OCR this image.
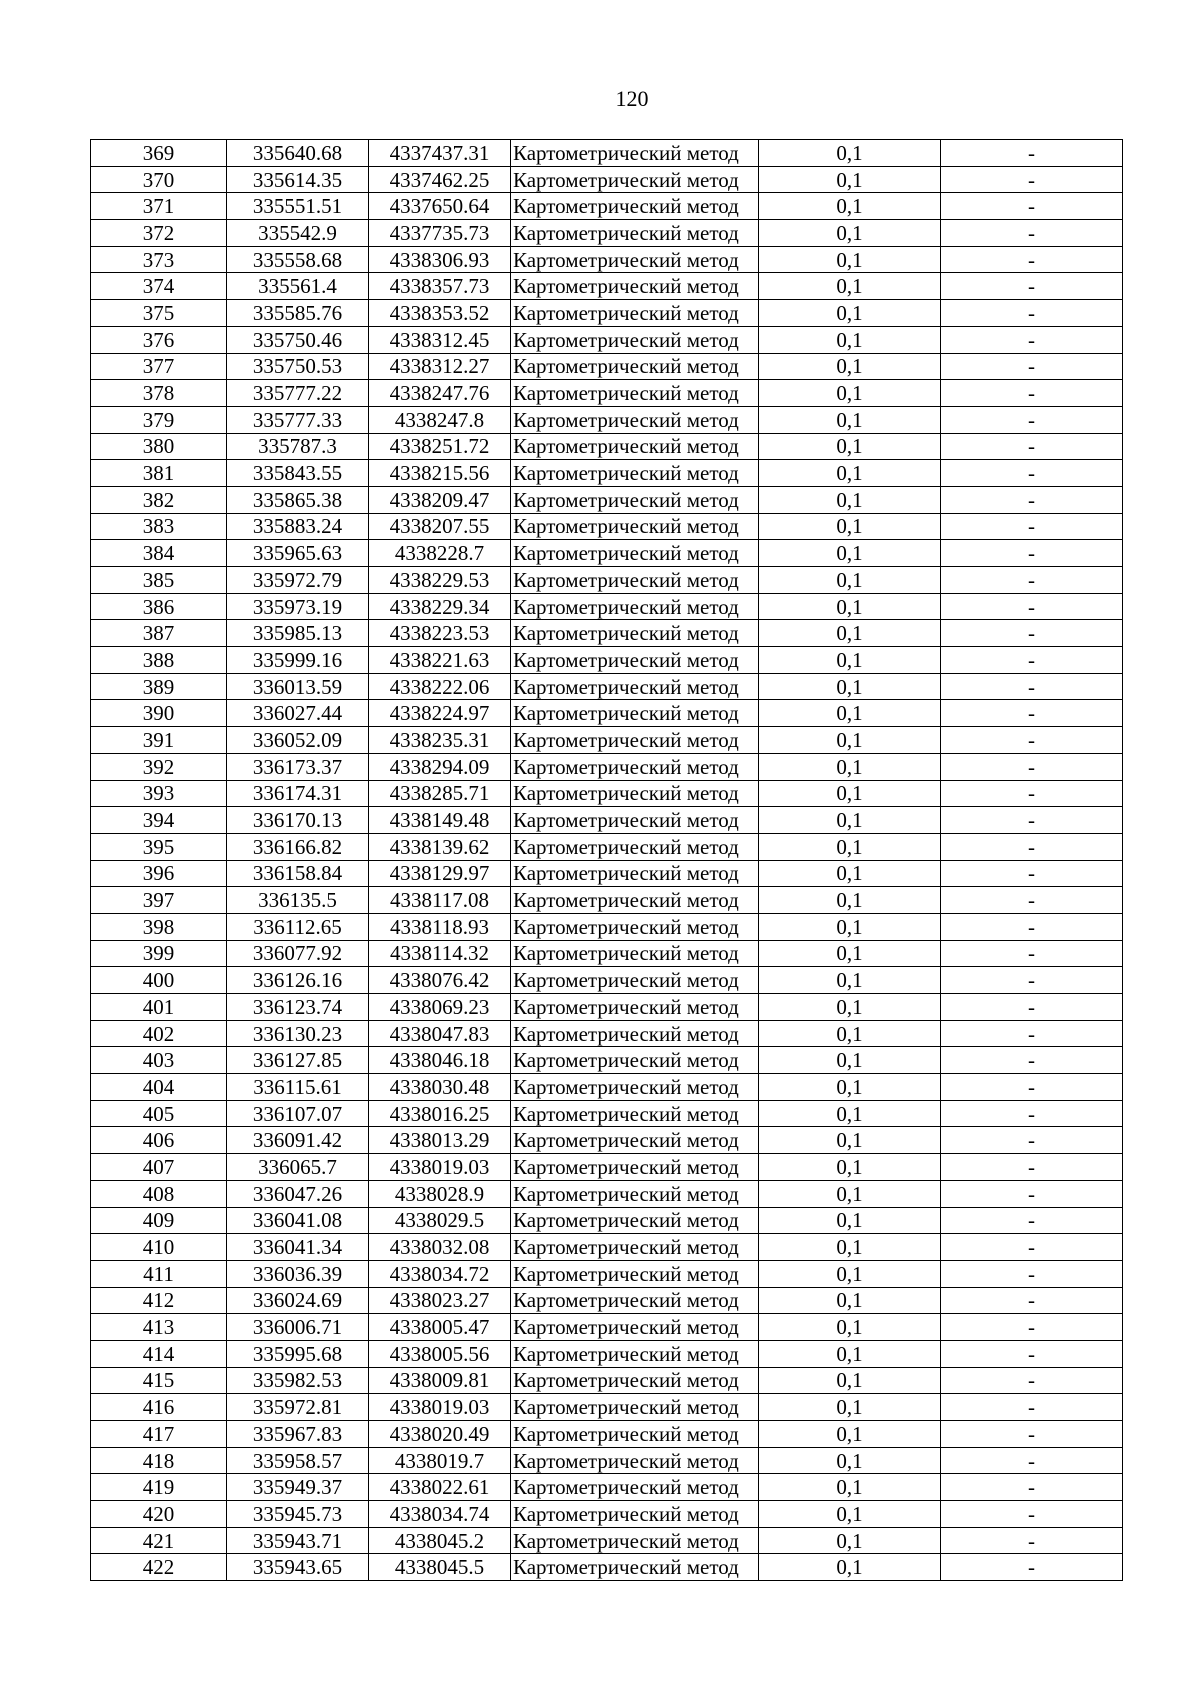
120
369	335640.68	4337437.31	Картометрический метод	0,1	-
370	335614.35	4337462.25	Картометрический метод	0,1	-
371	335551.51	4337650.64	Картометрический метод	0,1	-
372	335542.9	4337735.73	Картометрический метод	0,1	-
373	335558.68	4338306.93	Картометрический метод	0,1	-
374	335561.4	4338357.73	Картометрический метод	0,1	-
375	335585.76	4338353.52	Картометрический метод	0,1	-
376	335750.46	4338312.45	Картометрический метод	0,1	-
377	335750.53	4338312.27	Картометрический метод	0,1	-
378	335777.22	4338247.76	Картометрический метод	0,1	-
379	335777.33	4338247.8	Картометрический метод	0,1	-
380	335787.3	4338251.72	Картометрический метод	0,1	-
381	335843.55	4338215.56	Картометрический метод	0,1	-
382	335865.38	4338209.47	Картометрический метод	0,1	-
383	335883.24	4338207.55	Картометрический метод	0,1	-
384	335965.63	4338228.7	Картометрический метод	0,1	-
385	335972.79	4338229.53	Картометрический метод	0,1	-
386	335973.19	4338229.34	Картометрический метод	0,1	-
387	335985.13	4338223.53	Картометрический метод	0,1	-
388	335999.16	4338221.63	Картометрический метод	0,1	-
389	336013.59	4338222.06	Картометрический метод	0,1	-
390	336027.44	4338224.97	Картометрический метод	0,1	-
391	336052.09	4338235.31	Картометрический метод	0,1	-
392	336173.37	4338294.09	Картометрический метод	0,1	-
393	336174.31	4338285.71	Картометрический метод	0,1	-
394	336170.13	4338149.48	Картометрический метод	0,1	-
395	336166.82	4338139.62	Картометрический метод	0,1	-
396	336158.84	4338129.97	Картометрический метод	0,1	-
397	336135.5	4338117.08	Картометрический метод	0,1	-
398	336112.65	4338118.93	Картометрический метод	0,1	-
399	336077.92	4338114.32	Картометрический метод	0,1	-
400	336126.16	4338076.42	Картометрический метод	0,1	-
401	336123.74	4338069.23	Картометрический метод	0,1	-
402	336130.23	4338047.83	Картометрический метод	0,1	-
403	336127.85	4338046.18	Картометрический метод	0,1	-
404	336115.61	4338030.48	Картометрический метод	0,1	-
405	336107.07	4338016.25	Картометрический метод	0,1	-
406	336091.42	4338013.29	Картометрический метод	0,1	-
407	336065.7	4338019.03	Картометрический метод	0,1	-
408	336047.26	4338028.9	Картометрический метод	0,1	-
409	336041.08	4338029.5	Картометрический метод	0,1	-
410	336041.34	4338032.08	Картометрический метод	0,1	-
411	336036.39	4338034.72	Картометрический метод	0,1	-
412	336024.69	4338023.27	Картометрический метод	0,1	-
413	336006.71	4338005.47	Картометрический метод	0,1	-
414	335995.68	4338005.56	Картометрический метод	0,1	-
415	335982.53	4338009.81	Картометрический метод	0,1	-
416	335972.81	4338019.03	Картометрический метод	0,1	-
417	335967.83	4338020.49	Картометрический метод	0,1	-
418	335958.57	4338019.7	Картометрический метод	0,1	-
419	335949.37	4338022.61	Картометрический метод	0,1	-
420	335945.73	4338034.74	Картометрический метод	0,1	-
421	335943.71	4338045.2	Картометрический метод	0,1	-
422	335943.65	4338045.5	Картометрический метод	0,1	-
